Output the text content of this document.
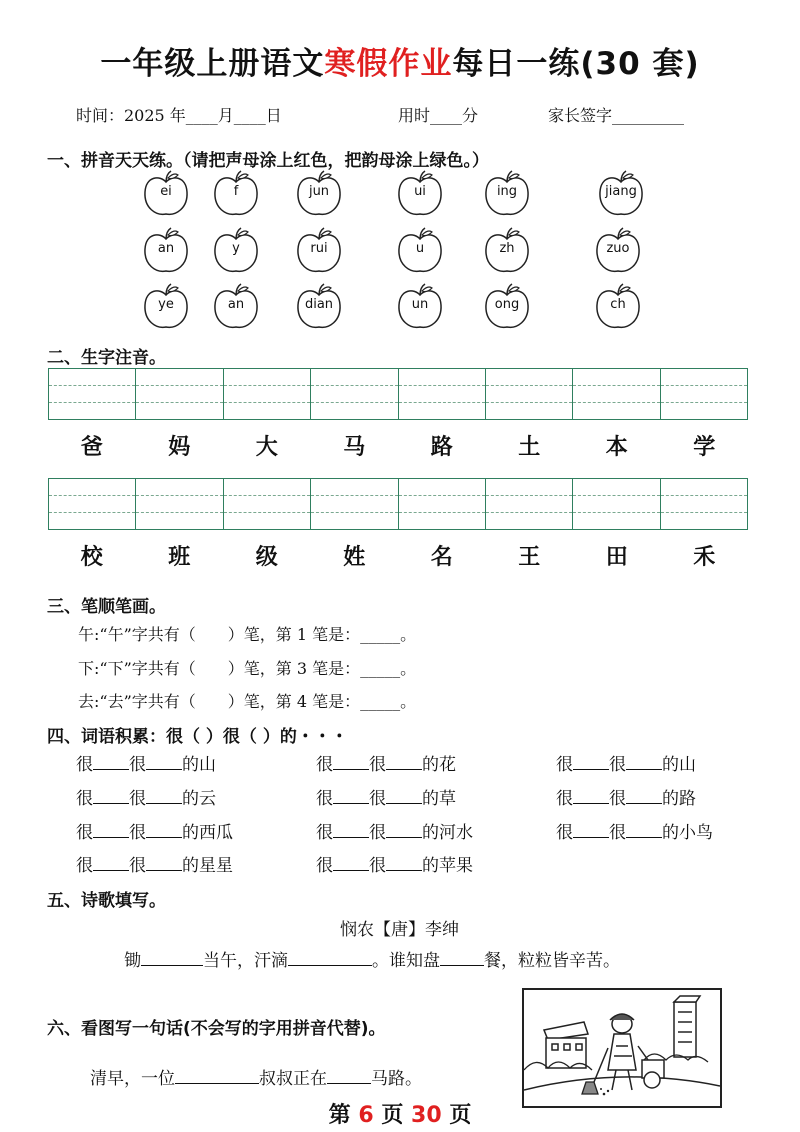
一年级上册语文寒假作业每日一练(30 套)
时间：2025 年____月____日	用时____分	家长签字_________
一、拼音天天练。（请把声母涂上红色，把韵母涂上绿色。）
ei	f	jun	ui	ing	jiang
an	y	rui	u	zh	zuo
ye	an	dian	un	ong	ch
二、生字注音。
爸	妈	大	马	路	土	本	学
校	班	级	姓	名	王	田	禾
三、笔顺笔画。
午:“午”字共有（　　）笔，第 1 笔是：_____。
下:“下”字共有（　　）笔，第 3 笔是：_____。
去:“去”字共有（　　）笔，第 4 笔是：_____。
四、词语积累：很（ ）很（ ）的・・・
很 很 的山	很 很 的花	很 很 的山
很 很 的云	很 很 的草	很 很 的路
很 很 的西瓜	很 很 的河水	很 很 的小鸟
很 很 的星星	很 很 的苹果
五、诗歌填写。
悯农【唐】李绅
锄	当午，汗滴	。谁知盘	餐，粒粒皆辛苦。
六、看图写一句话(不会写的字用拼音代替)。
清早，一位	叔叔正在	马路。
第 6 页 30 页
